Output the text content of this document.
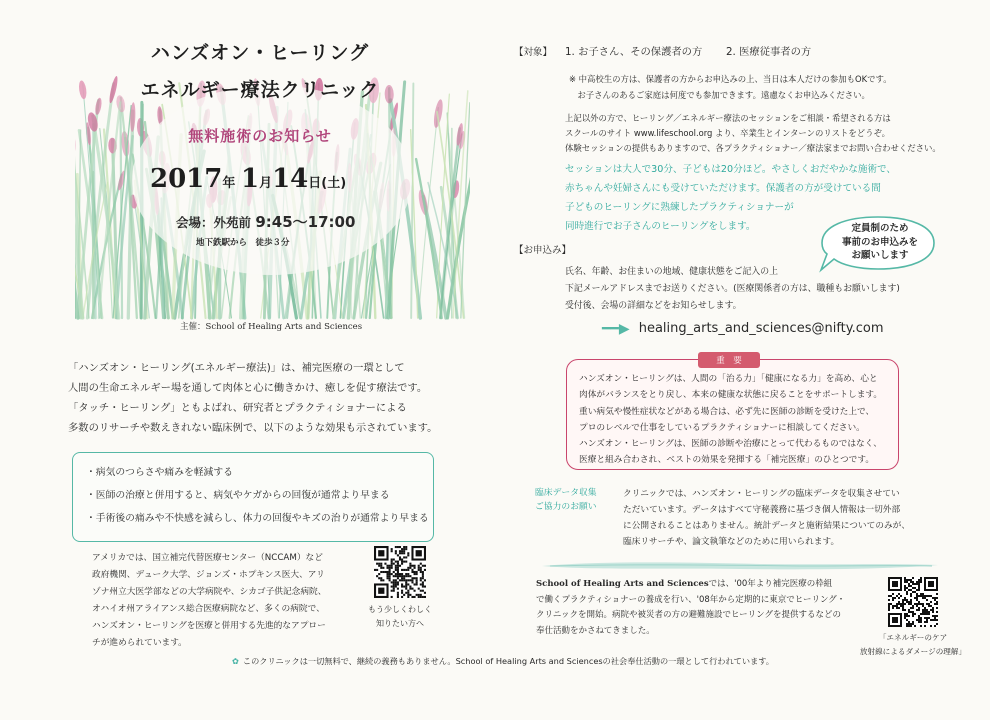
ハンズオン・ヒーリング
エネルギー療法クリニック
無料施術のお知らせ
2017年 1月14日(土)
会場：外苑前 9:45～17:00
地下鉄駅から　徒歩３分
主催：School of Healing Arts and Sciences

「ハンズオン・ヒーリング(エネルギー療法)」は、補完医療の一環として

人間の生命エネルギー場を通して肉体と心に働きかけ、癒しを促す療法です。

「タッチ・ヒーリング」ともよばれ、研究者とプラクティショナーによる

多数のリサーチや数えきれない臨床例で、以下のような効果も示されています。

・病気のつらさや痛みを軽減する
・医師の治療と併用すると、病気やケガからの回復が通常より早まる
・手術後の痛みや不快感を減らし、体力の回復やキズの治りが通常より早まる

アメリカでは、国立補完代替医療センター（NCCAM）など

政府機関、デューク大学、ジョンズ・ホプキンス医大、アリ

ゾナ州立大医学部などの大学病院や、シカゴ子供記念病院、

オハイオ州アライアンス総合医療病院など、多くの病院で、

ハンズオン・ヒーリングを医療と併用する先進的なアプロー

チが進められています。

もう少しくわしく
知りたい方へ
【対象】 1. お子さん、その保護者の方 2. 医療従事者の方
※ 中高校生の方は、保護者の方からお申込みの上、当日は本人だけの参加もOKです。
　お子さんのあるご家庭は何度でも参加できます。遠慮なくお申込みください。
上記以外の方で、ヒーリング／エネルギー療法のセッションをご相談・希望される方は
スクールのサイト www.lifeschool.org より、卒業生とインターンのリストをどうぞ。
体験セッションの提供もありますので、各プラクティショナー／療法家までお問い合わせください。
セッションは大人で30分、子どもは20分ほど。やさしくおだやかな施術で、
赤ちゃんや妊婦さんにも受けていただけます。保護者の方が受けている間
子どものヒーリングに熟練したプラクティショナーが
同時進行でお子さんのヒーリングをします。	定員制のため
事前のお申込みを
お願いします
【お申込み】
氏名、年齢、お住まいの地域、健康状態をご記入の上
下記メールアドレスまでお送りください。(医療関係者の方は、職種もお願いします)
受付後、会場の詳細などをお知らせします。
━━▶ healing_arts_and_sciences@nifty.com

ハンズオン・ヒーリングは、人間の「治る力」「健康になる力」を高め、心と

肉体がバランスをとり戻し、本来の健康な状態に戻ることをサポートします。

重い病気や慢性症状などがある場合は、必ず先に医師の診断を受けた上で、

プロのレベルで仕事をしているプラクティショナーに相談してください。

ハンズオン・ヒーリングは、医師の診断や治療にとって代わるものではなく、

医療と組み合わされ、ベストの効果を発揮する「補完医療」のひとつです。

重　要
臨床データ収集
ご協力のお願い
クリニックでは、ハンズオン・ヒーリングの臨床データを収集させてい
ただいています。データはすべて守秘義務に基づき個人情報は一切外部
に公開されることはありません。統計データと施術結果についてのみが、
臨床リサーチや、論文執筆などのために用いられます。
School of Healing Arts and Sciencesでは、'00年より補完医療の枠組
で働くプラクティショナーの養成を行い、'08年から定期的に東京でヒーリング・
クリニックを開始。病院や被災者の方の避難施設でヒーリングを提供するなどの
奉仕活動をかさねてきました。
「エネルギーのケア
放射線によるダメージの理解」
✿ このクリニックは一切無料で、継続の義務もありません。School of Healing Arts and Sciencesの社会奉仕活動の一環として行われています。
